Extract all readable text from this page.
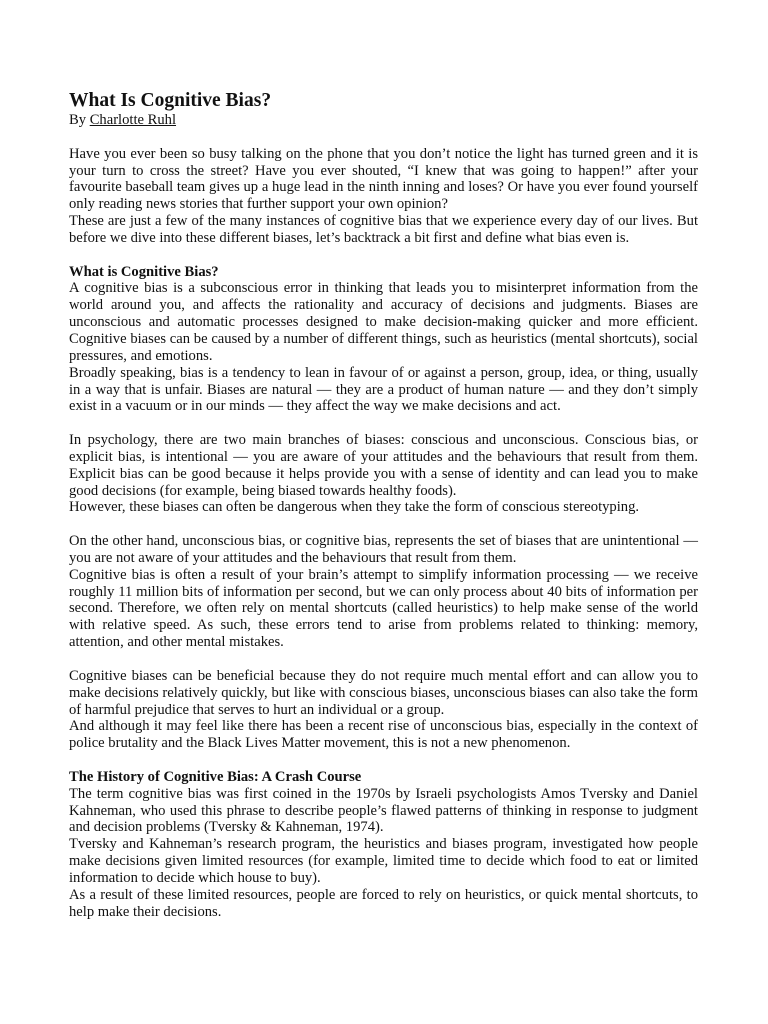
What Is Cognitive Bias?
By Charlotte Ruhl

Have you ever been so busy talking on the phone that you don’t notice the light has turned green and it is your turn to cross the street? Have you ever shouted, “I knew that was going to happen!” after your favourite baseball team gives up a huge lead in the ninth inning and loses? Or have you ever found yourself only reading news stories that further support your own opinion?

These are just a few of the many instances of cognitive bias that we experience every day of our lives. But before we dive into these different biases, let’s backtrack a bit first and define what bias even is.

What is Cognitive Bias?

A cognitive bias is a subconscious error in thinking that leads you to misinterpret information from the world around you, and affects the rationality and accuracy of decisions and judgments. Biases are unconscious and automatic processes designed to make decision-making quicker and more efficient. Cognitive biases can be caused by a number of different things, such as heuristics (mental shortcuts), social pressures, and emotions.

Broadly speaking, bias is a tendency to lean in favour of or against a person, group, idea, or thing, usually in a way that is unfair. Biases are natural — they are a product of human nature — and they don’t simply exist in a vacuum or in our minds — they affect the way we make decisions and act.

In psychology, there are two main branches of biases: conscious and unconscious. Conscious bias, or explicit bias, is intentional — you are aware of your attitudes and the behaviours that result from them. Explicit bias can be good because it helps provide you with a sense of identity and can lead you to make good decisions (for example, being biased towards healthy foods).

However, these biases can often be dangerous when they take the form of conscious stereotyping.

On the other hand, unconscious bias, or cognitive bias, represents the set of biases that are unintentional — you are not aware of your attitudes and the behaviours that result from them.

Cognitive bias is often a result of your brain’s attempt to simplify information processing — we receive roughly 11 million bits of information per second, but we can only process about 40 bits of information per second. Therefore, we often rely on mental shortcuts (called heuristics) to help make sense of the world with relative speed. As such, these errors tend to arise from problems related to thinking: memory, attention, and other mental mistakes.

Cognitive biases can be beneficial because they do not require much mental effort and can allow you to make decisions relatively quickly, but like with conscious biases, unconscious biases can also take the form of harmful prejudice that serves to hurt an individual or a group.

And although it may feel like there has been a recent rise of unconscious bias, especially in the context of police brutality and the Black Lives Matter movement, this is not a new phenomenon.

The History of Cognitive Bias: A Crash Course

The term cognitive bias was first coined in the 1970s by Israeli psychologists Amos Tversky and Daniel Kahneman, who used this phrase to describe people’s flawed patterns of thinking in response to judgment and decision problems (Tversky & Kahneman, 1974).

Tversky and Kahneman’s research program, the heuristics and biases program, investigated how people make decisions given limited resources (for example, limited time to decide which food to eat or limited information to decide which house to buy).

As a result of these limited resources, people are forced to rely on heuristics, or quick mental shortcuts, to help make their decisions.
